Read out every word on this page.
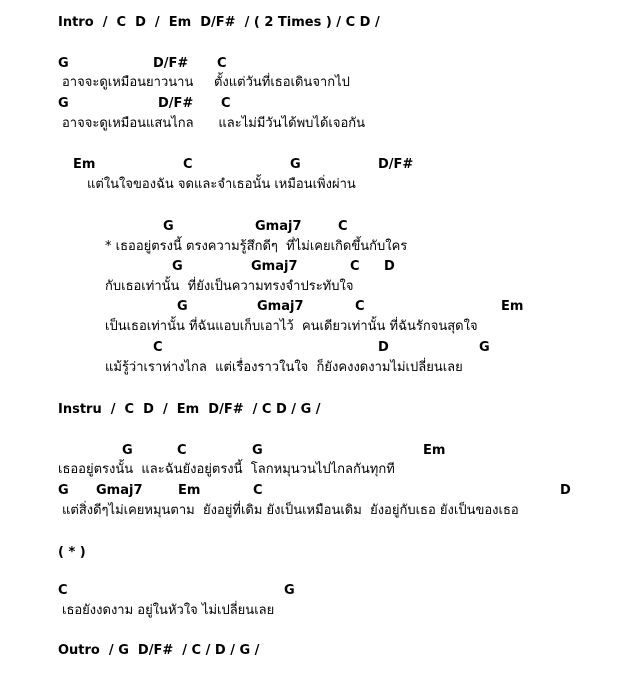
Intro  /  C  D  /  Em  D/F#  / ( 2 Times ) / C D /
G	D/F# C
อาจจะดูเหมือนยาวนาน     ตั้งแต่วันที่เธอเดินจากไป
G	D/F# C
อาจจะดูเหมือนแสนไกล      และไม่มีวันได้พบได้เจอกัน
Em	C	G	D/F#
แต่ในใจของฉัน จดและจำเธอนั้น เหมือนเพิ่งผ่าน
G	Gmaj7	C
* เธออยู่ตรงนี้ ตรงความรู้สึกดีๆ  ที่ไม่เคยเกิดขึ้นกับใคร
G	Gmaj7	C D
กับเธอเท่านั้น  ที่ยังเป็นความทรงจำประทับใจ
G	Gmaj7	C	Em
เป็นเธอเท่านั้น ที่ฉันแอบเก็บเอาไว้  คนเดียวเท่านั้น ที่ฉันรักจนสุดใจ
C	D	G
แม้รู้ว่าเราห่างไกล  แต่เรื่องราวในใจ  ก็ยังคงงดงามไม่เปลี่ยนเลย
Instru  /  C  D  /  Em  D/F#  / C D / G /
G	C	G	Em
เธออยู่ตรงนั้น  และฉันยังอยู่ตรงนี้  โลกหมุนวนไปไกลกันทุกที
G Gmaj7	Em	C	D
แต่สิ่งดีๆไม่เคยหมุนตาม  ยังอยู่ที่เดิม ยังเป็นเหมือนเดิม  ยังอยู่กับเธอ ยังเป็นของเธอ
( * )
C	G
เธอยังงดงาม อยู่ในหัวใจ ไม่เปลี่ยนเลย
Outro  / G  D/F#  / C / D / G /
